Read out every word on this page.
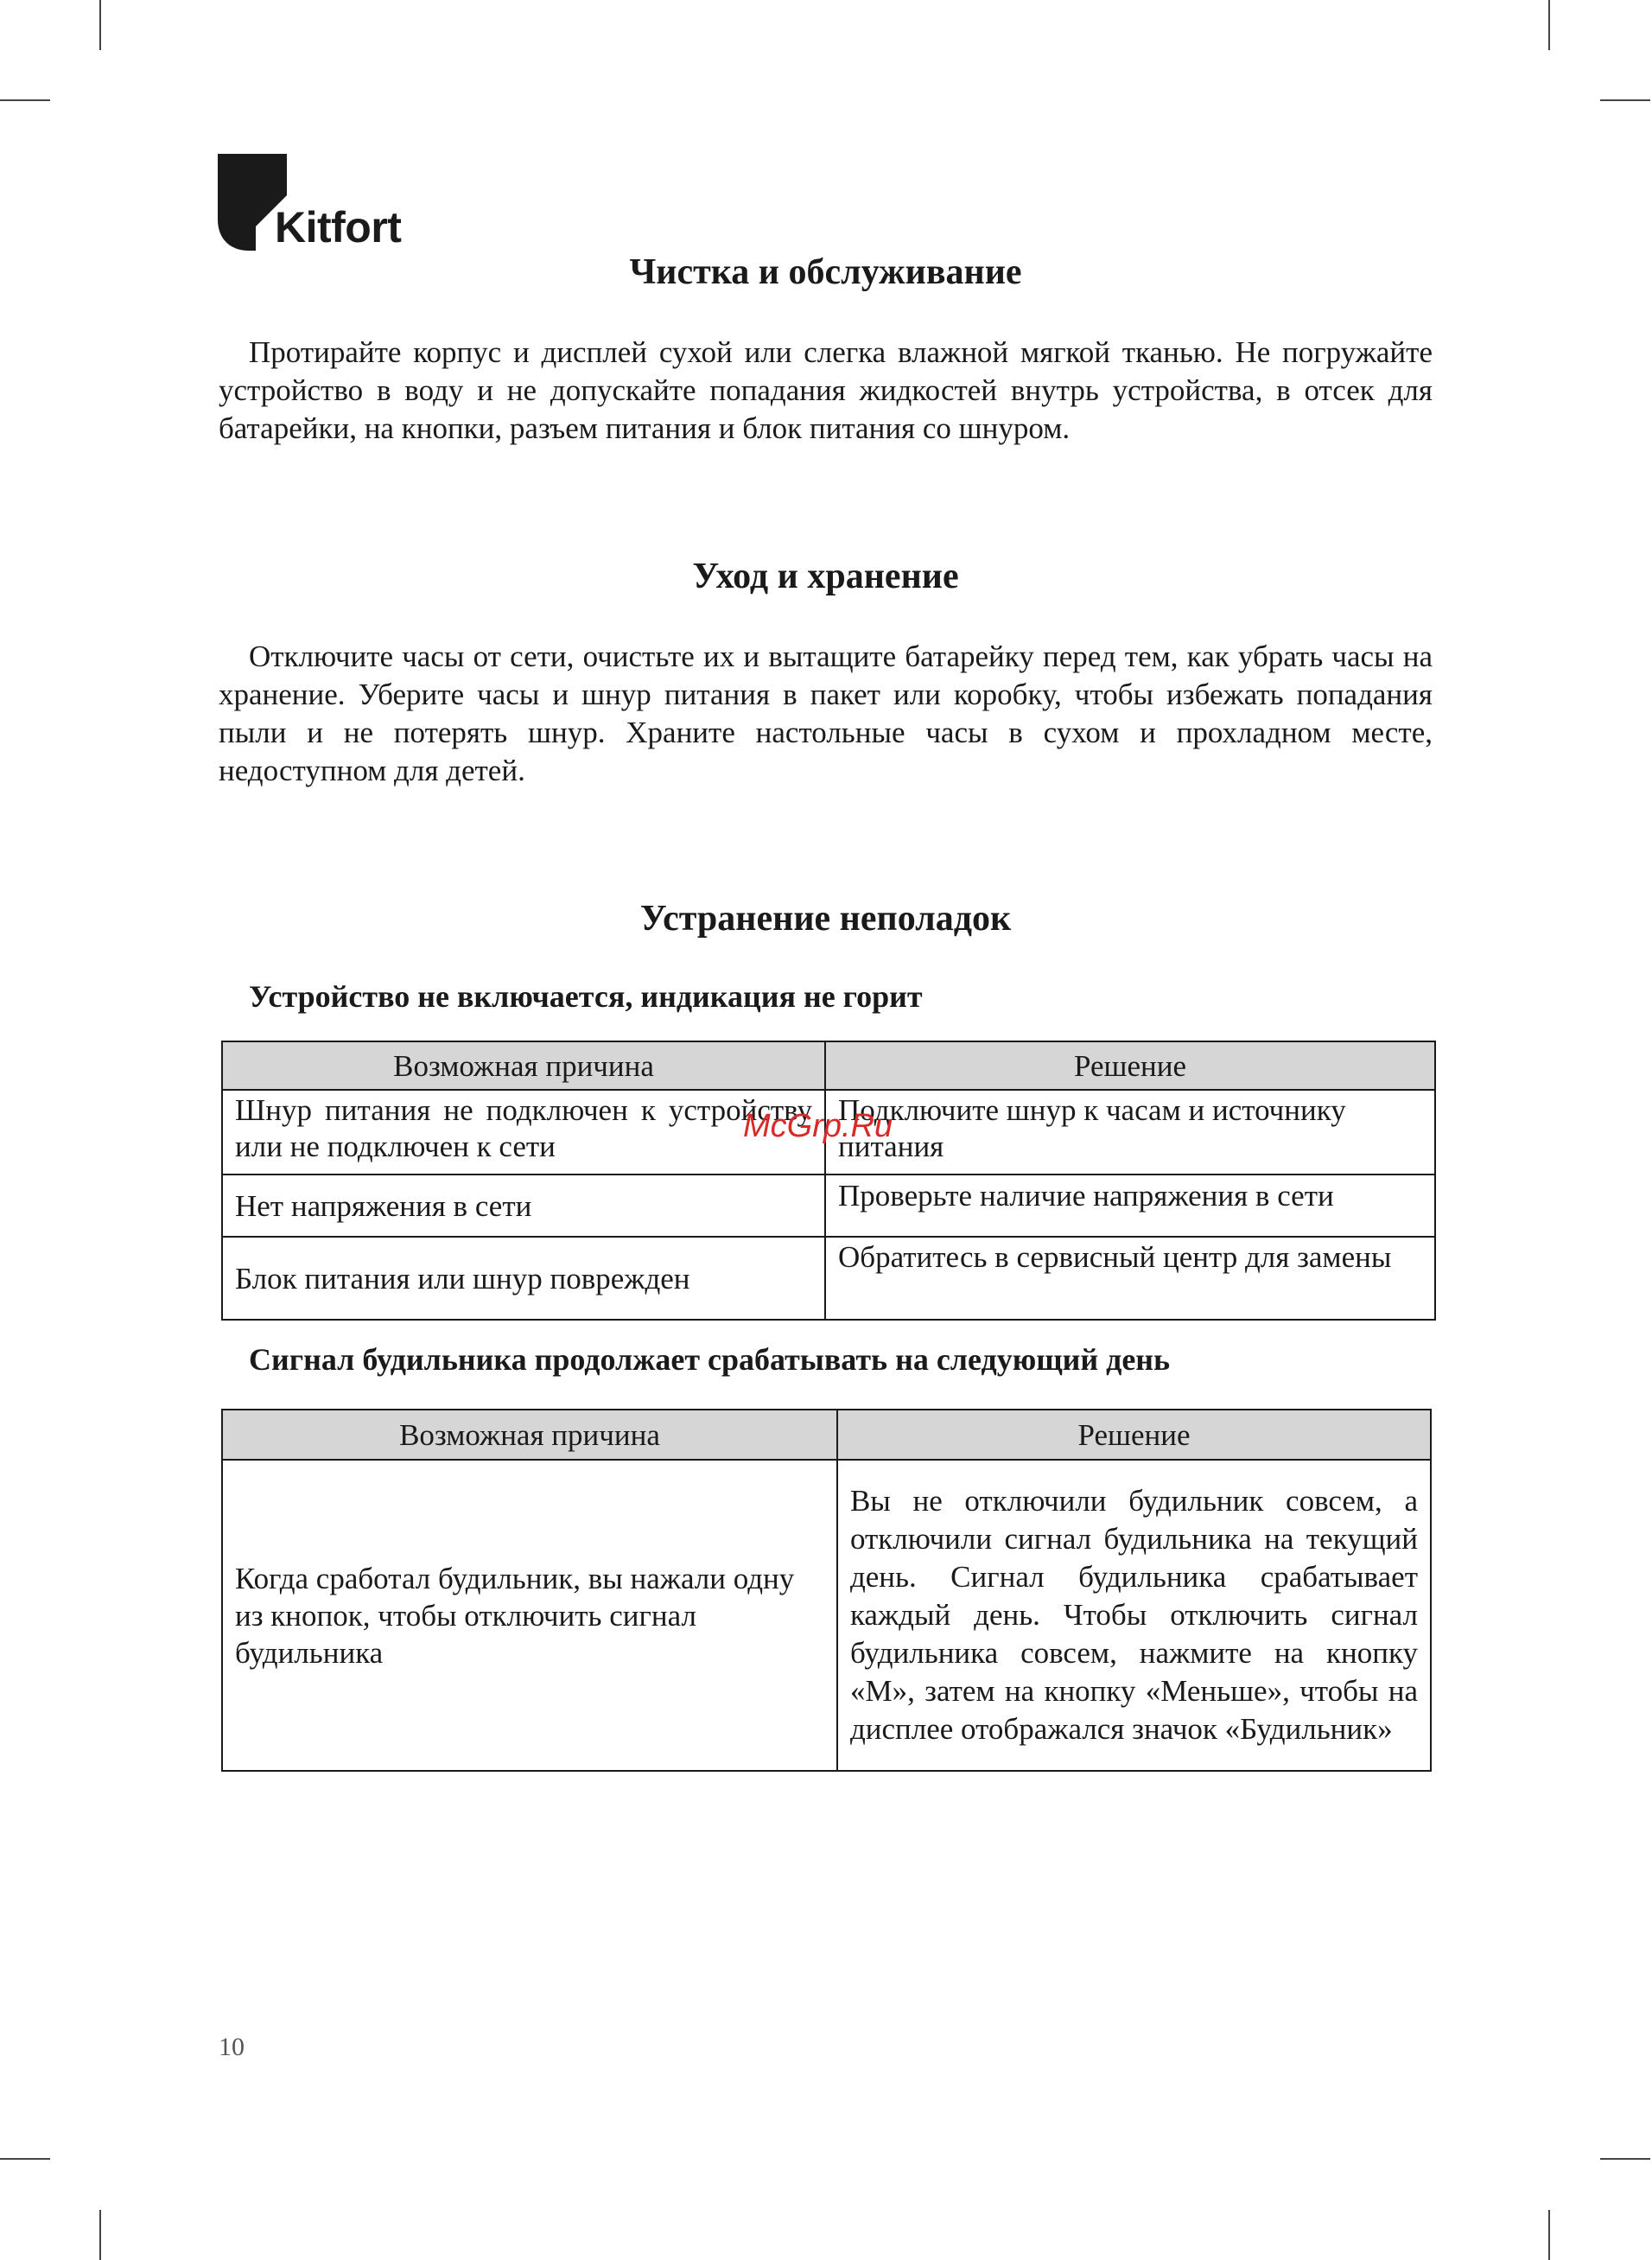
Kitfort
Чистка и обслуживание

Протирайте корпус и дисплей сухой или слегка влажной мягкой тканью. Не погружайте устройство в воду и не допускайте попадания жидкостей внутрь устройства, в отсек для батарейки, на кнопки, разъем питания и блок питания со шнуром.

Уход и хранение

Отключите часы от сети, очистьте их и вытащите батарейку перед тем, как убрать часы на хранение. Уберите часы и шнур питания в пакет или коробку, чтобы избежать попадания пыли и не потерять шнур. Храните настольные часы в сухом и прохладном месте, недоступном для детей.

Устранение неполадок
Устройство не включается, индикация не горит
Возможная причина	Решение
Шнур питания не подключен к устройству или не подключен к сети	Подключите шнур к часам и источнику питания
Нет напряжения в сети	Проверьте наличие напряжения в сети
Блок питания или шнур поврежден	Обратитесь в сервисный центр для замены
McGrp.Ru
Сигнал будильника продолжает срабатывать на следующий день
Возможная причина	Решение
Когда сработал будильник, вы нажали одну из кнопок, чтобы отключить сигнал будильника	Вы не отключили будильник совсем, а отключили сигнал будильника на текущий день. Сигнал будильника срабатывает каждый день. Чтобы отключить сигнал будильника совсем, нажмите на кнопку «М», затем на кнопку «Меньше», чтобы на дисплее отображался значок «Будильник»
10
